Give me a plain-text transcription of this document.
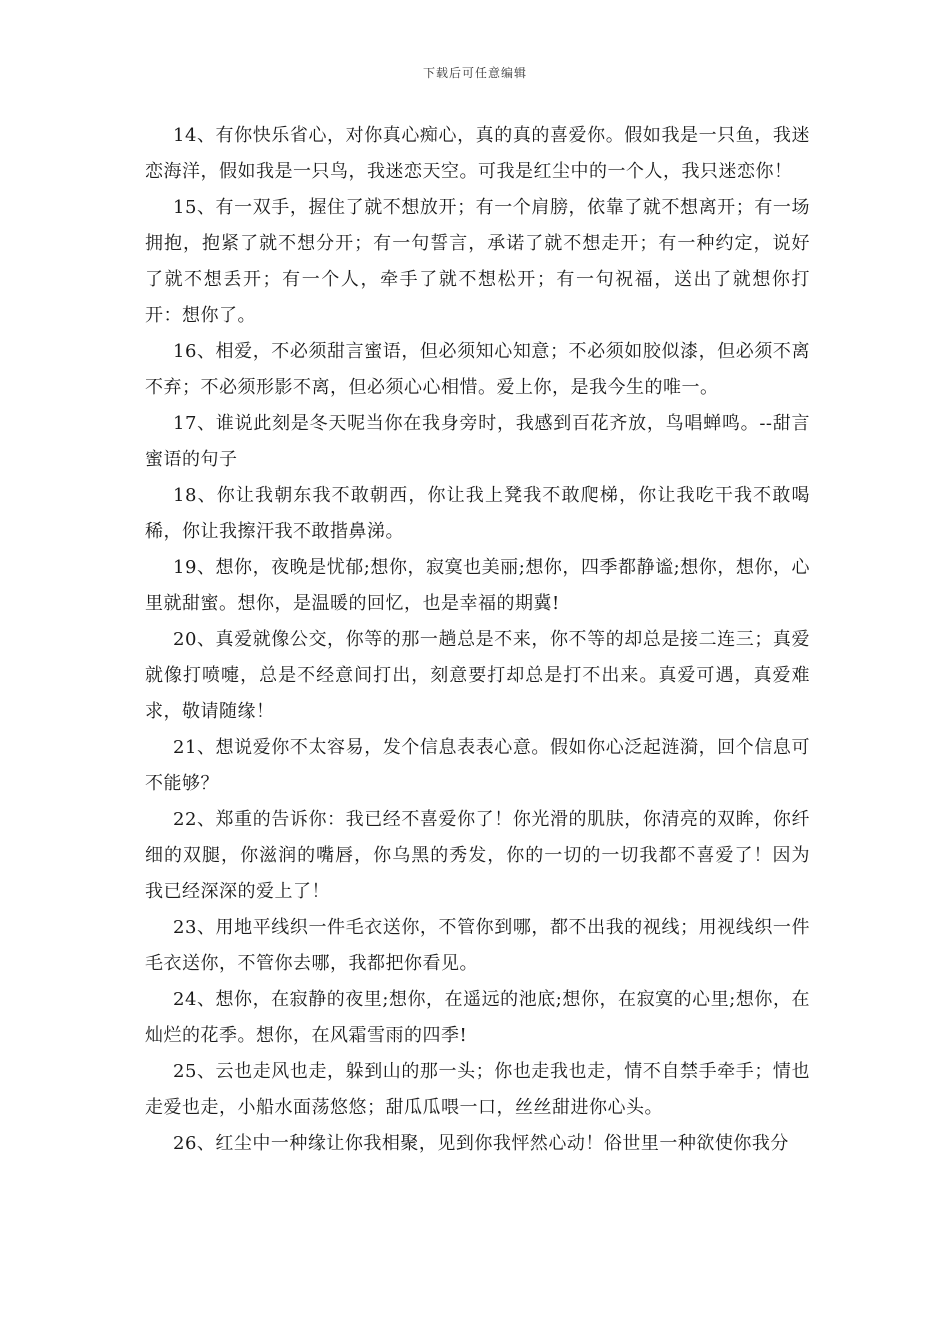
下载后可任意编辑

14、有你快乐省心，对你真心痴心，真的真的喜爱你。假如我是一只鱼，我迷恋海洋，假如我是一只鸟，我迷恋天空。可我是红尘中的一个人，我只迷恋你！

15、有一双手，握住了就不想放开；有一个肩膀，依靠了就不想离开；有一场拥抱，抱紧了就不想分开；有一句誓言，承诺了就不想走开；有一种约定，说好了就不想丢开；有一个人，牵手了就不想松开；有一句祝福，送出了就想你打开：想你了。

16、相爱，不必须甜言蜜语，但必须知心知意；不必须如胶似漆，但必须不离不弃；不必须形影不离，但必须心心相惜。爱上你，是我今生的唯一。

17、谁说此刻是冬天呢当你在我身旁时，我感到百花齐放，鸟唱蝉鸣。--甜言蜜语的句子

18、你让我朝东我不敢朝西，你让我上凳我不敢爬梯，你让我吃干我不敢喝稀，你让我擦汗我不敢揩鼻涕。

19、想你，夜晚是忧郁;想你，寂寞也美丽;想你，四季都静谧;想你，想你，心里就甜蜜。想你，是温暖的回忆，也是幸福的期冀!

20、真爱就像公交，你等的那一趟总是不来，你不等的却总是接二连三；真爱就像打喷嚏，总是不经意间打出，刻意要打却总是打不出来。真爱可遇，真爱难求，敬请随缘！

21、想说爱你不太容易，发个信息表表心意。假如你心泛起涟漪，回个信息可不能够？

22、郑重的告诉你：我已经不喜爱你了！你光滑的肌肤，你清亮的双眸，你纤细的双腿，你滋润的嘴唇，你乌黑的秀发，你的一切的一切我都不喜爱了！因为我已经深深的爱上了！

23、用地平线织一件毛衣送你，不管你到哪，都不出我的视线；用视线织一件毛衣送你，不管你去哪，我都把你看见。

24、想你，在寂静的夜里;想你，在遥远的池底;想你，在寂寞的心里;想你，在灿烂的花季。想你，在风霜雪雨的四季!

25、云也走风也走，躲到山的那一头；你也走我也走，情不自禁手牵手；情也走爱也走，小船水面荡悠悠；甜瓜瓜喂一口，丝丝甜进你心头。

26、红尘中一种缘让你我相聚，见到你我怦然心动！俗世里一种欲使你我分
